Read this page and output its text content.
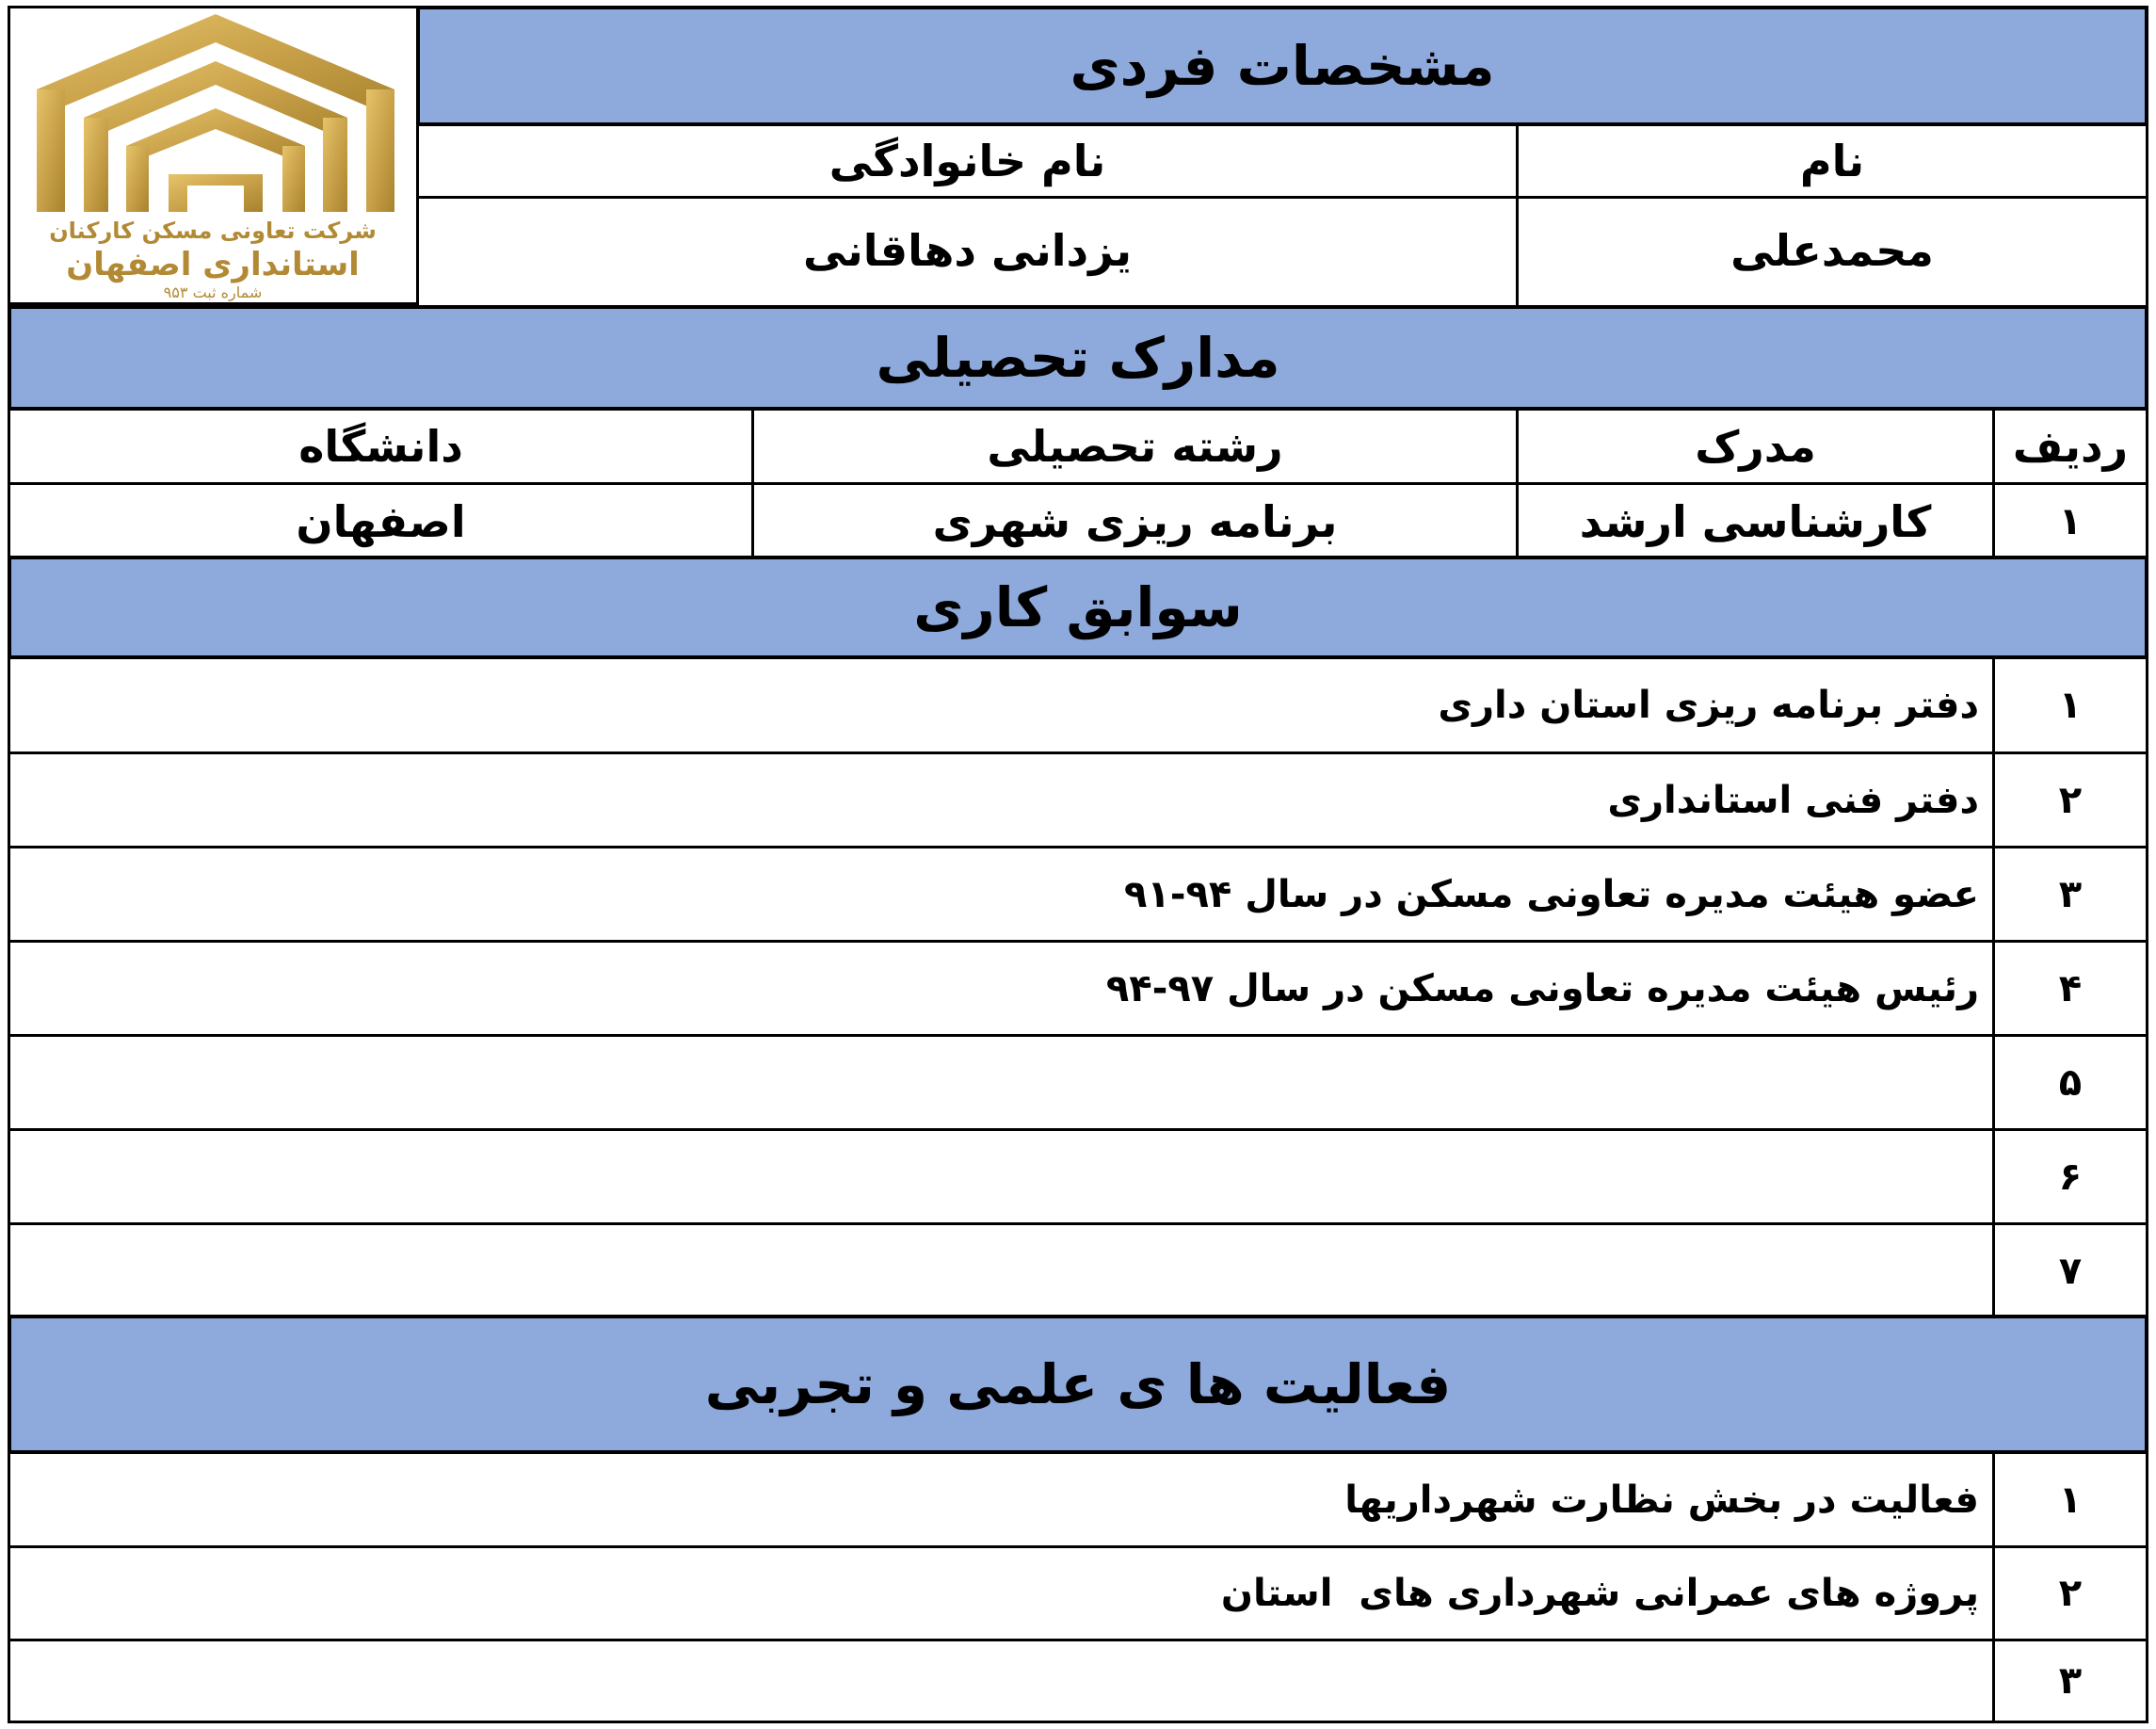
شرکت تعاونی مسکن کارکنان
استانداری اصفهان
شماره ثبت ۹۵۳
مشخصات فردی
نام
نام خانوادگی
محمدعلی
یزدانی دهاقانی
مدارک تحصیلی
ردیف
مدرک
رشته تحصیلی
دانشگاه
۱
کارشناسی ارشد
برنامه ریزی شهری
اصفهان
سوابق کاری
۱
دفتر برنامه ریزی استان داری
۲
دفتر فنی استانداری
۳
عضو هیئت مدیره تعاونی مسکن در سال ۹۴-۹۱
۴
رئیس هیئت مدیره تعاونی مسکن در سال ۹۷-۹۴
۵
۶
۷
فعالیت ها ی علمی و تجربی
۱
فعالیت در بخش نظارت شهرداریها
۲
پروژه های عمرانی شهرداری های  استان
۳
